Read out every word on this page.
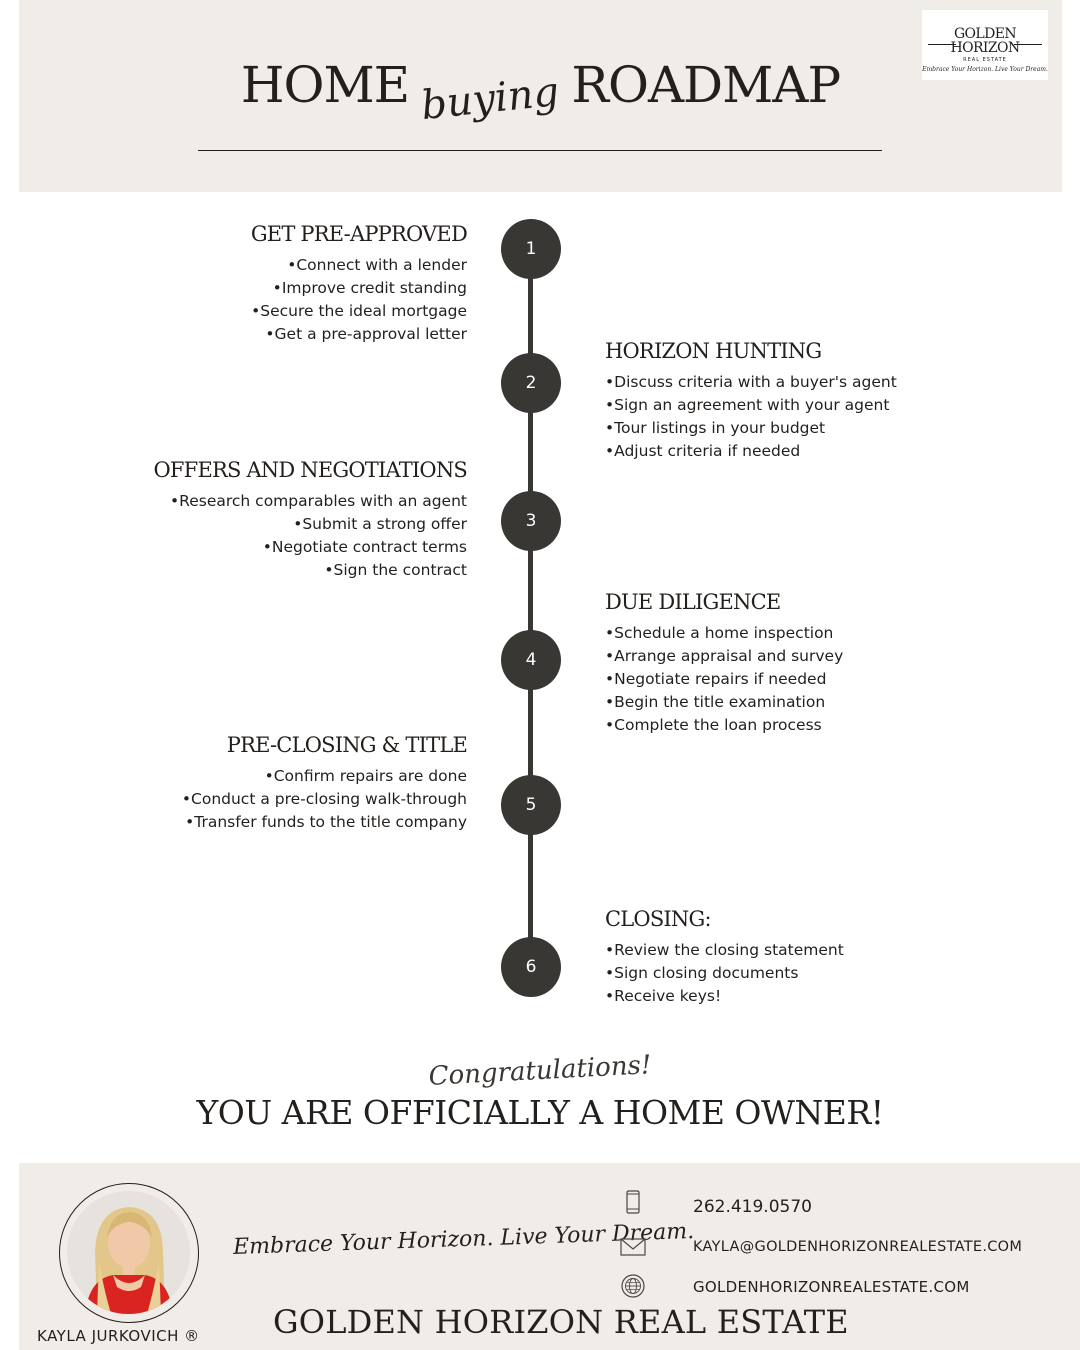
HOME buying ROADMAP
GOLDEN
HORIZON
REAL ESTATE
Embrace Your Horizon. Live Your Dream.
1
2
3
4
5
6
GET PRE-APPROVED
•Connect with a lender
•Improve credit standing
•Secure the ideal mortgage
•Get a pre-approval letter
HORIZON HUNTING
•Discuss criteria with a buyer's agent
•Sign an agreement with your agent
•Tour listings in your budget
•Adjust criteria if needed
OFFERS AND NEGOTIATIONS
•Research comparables with an agent
•Submit a strong offer
•Negotiate contract terms
•Sign the contract
DUE DILIGENCE
•Schedule a home inspection
•Arrange appraisal and survey
•Negotiate repairs if needed
•Begin the title examination
•Complete the loan process
PRE-CLOSING & TITLE
•Confirm repairs are done
•Conduct a pre-closing walk-through
•Transfer funds to the title company
CLOSING:
•Review the closing statement
•Sign closing documents
•Receive keys!
Congratulations!
YOU ARE OFFICIALLY A HOME OWNER!
KAYLA JURKOVICH ®
Embrace Your Horizon. Live Your Dream.
262.419.0570
KAYLA@GOLDENHORIZONREALESTATE.COM
GOLDENHORIZONREALESTATE.COM
GOLDEN HORIZON REAL ESTATE
